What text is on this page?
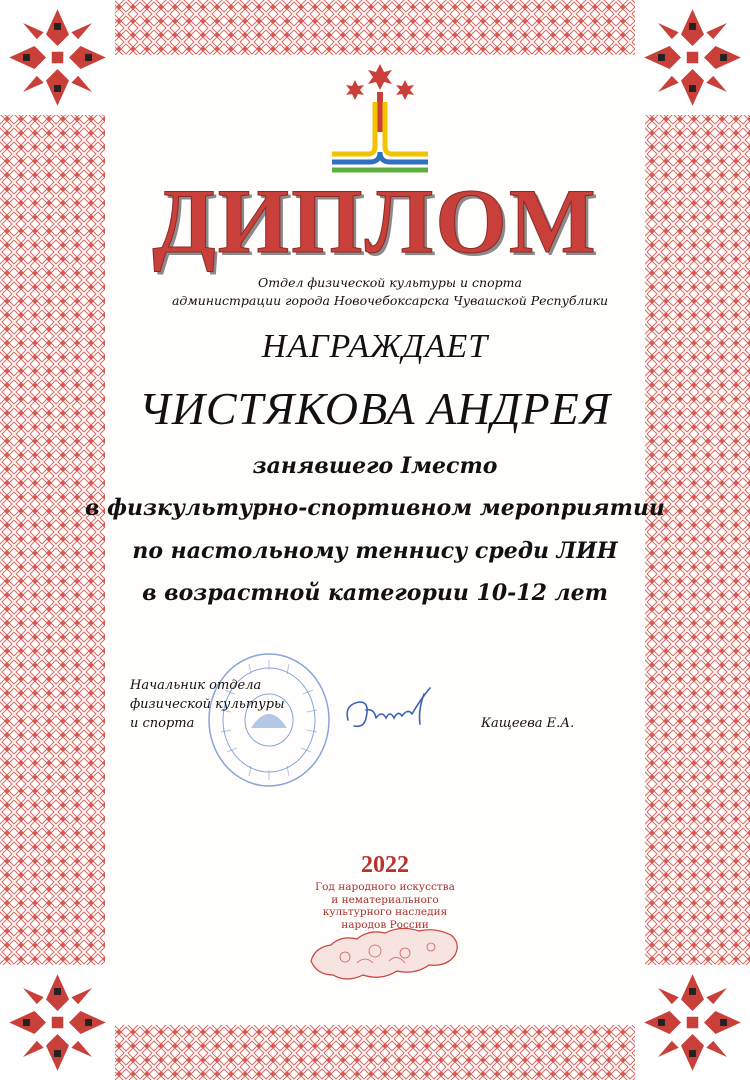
ДИПЛОМ
Отдел физической культуры и спорта
администрации города Новочебоксарска Чувашской Республики
НАГРАЖДАЕТ
ЧИСТЯКОВА АНДРЕЯ
занявшего Iместо
в физкультурно-спортивном мероприятии
по настольному теннису среди ЛИН
в возрастной категории 10-12 лет
Начальник отдела
физической культуры
и спорта	Кащеева Е.А.
2022
Год народного искусства
и нематериального
культурного наследия
народов России
